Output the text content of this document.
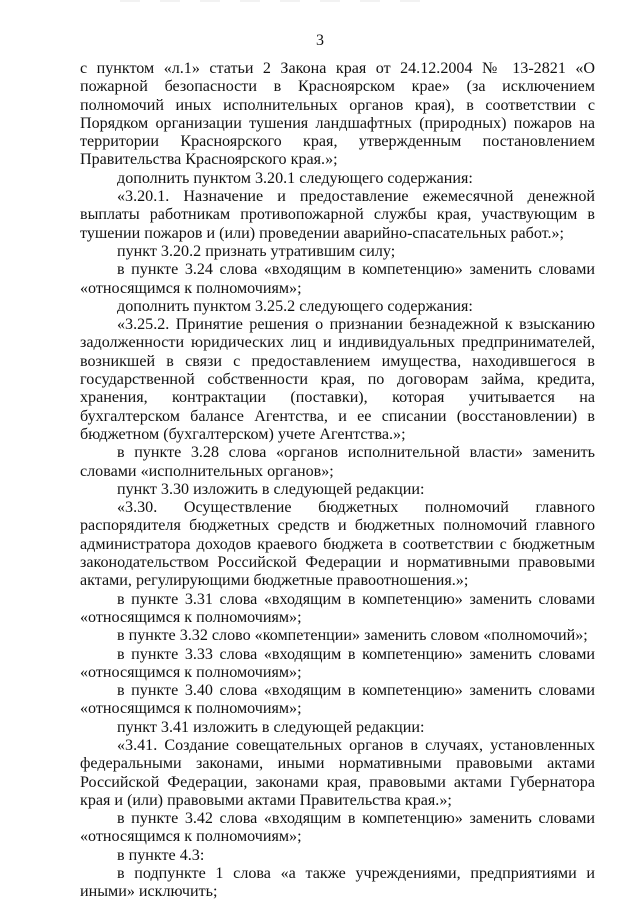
3

с пунктом «л.1» статьи 2 Закона края от 24.12.2004 № 13-2821 «О пожарной безопасности в Красноярском крае» (за исключением полномочий иных исполнительных органов края), в соответствии с Порядком организации тушения ландшафтных (природных) пожаров на территории Красноярского края, утвержденным постановлением Правительства Красноярского края.»;

дополнить пунктом 3.20.1 следующего содержания:

«3.20.1. Назначение и предоставление ежемесячной денежной выплаты работникам противопожарной службы края, участвующим в тушении пожаров и (или) проведении аварийно-спасательных работ.»;

пункт 3.20.2 признать утратившим силу;

в пункте 3.24 слова «входящим в компетенцию» заменить словами «относящимся к полномочиям»;

дополнить пунктом 3.25.2 следующего содержания:

«3.25.2. Принятие решения о признании безнадежной к взысканию задолженности юридических лиц и индивидуальных предпринимателей, возникшей в связи с предоставлением имущества, находившегося в государственной собственности края, по договорам займа, кредита, хранения, контрактации (поставки), которая учитывается на бухгалтерском балансе Агентства, и ее списании (восстановлении) в бюджетном (бухгалтерском) учете Агентства.»;

в пункте 3.28 слова «органов исполнительной власти» заменить словами «исполнительных органов»;

пункт 3.30 изложить в следующей редакции:

«3.30. Осуществление бюджетных полномочий главного распорядителя бюджетных средств и бюджетных полномочий главного администратора доходов краевого бюджета в соответствии с бюджетным законодательством Российской Федерации и нормативными правовыми актами, регулирующими бюджетные правоотношения.»;

в пункте 3.31 слова «входящим в компетенцию» заменить словами «относящимся к полномочиям»;

в пункте 3.32 слово «компетенции» заменить словом «полномочий»;

в пункте 3.33 слова «входящим в компетенцию» заменить словами «относящимся к полномочиям»;

в пункте 3.40 слова «входящим в компетенцию» заменить словами «относящимся к полномочиям»;

пункт 3.41 изложить в следующей редакции:

«3.41. Создание совещательных органов в случаях, установленных федеральными законами, иными нормативными правовыми актами Российской Федерации, законами края, правовыми актами Губернатора края и (или) правовыми актами Правительства края.»;

в пункте 3.42 слова «входящим в компетенцию» заменить словами «относящимся к полномочиям»;

в пункте 4.3:

в подпункте 1 слова «а также учреждениями, предприятиями и иными» исключить;
